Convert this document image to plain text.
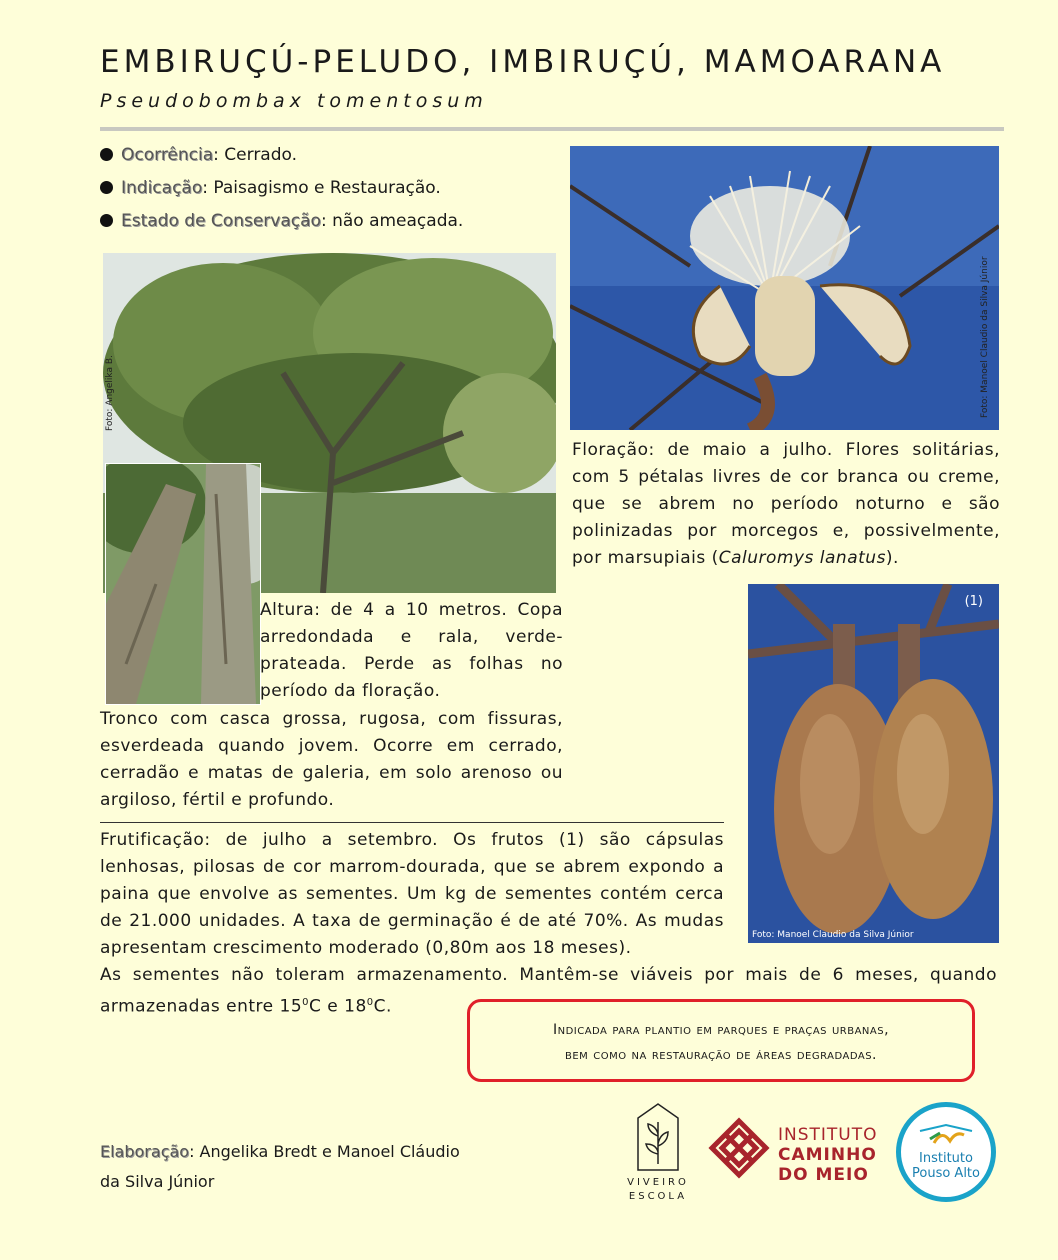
EMBIRUÇÚ-PELUDO, IMBIRUÇÚ, MAMOARANA
Pseudobombax tomentosum
Ocorrência: Cerrado.
Indicação: Paisagismo e Restauração.
Estado de Conservação: não ameaçada.
Foto: Angelika B.	Foto: Manoel Claudio da Silva Júnior
Floração: de maio a julho. Flores solitárias, com 5 pétalas livres de cor branca ou creme, que se abrem no período noturno e são polinizadas por morcegos e, possivelmente, por marsupiais (Caluromys lanatus).
Altura: de 4 a 10 metros. Copa arredondada e rala, verde-prateada. Perde as folhas no período da floração.
Tronco com casca grossa, rugosa, com fissuras, esverdeada quando jovem. Ocorre em cerrado, cerradão e matas de galeria, em solo arenoso ou argiloso, fértil e profundo.
(1)
Foto: Manoel Claudio da Silva Júnior
Frutificação: de julho a setembro. Os frutos (1) são cápsulas lenhosas, pilosas de cor marrom-dourada, que se abrem expondo a paina que envolve as sementes. Um kg de sementes contém cerca de 21.000 unidades. A taxa de germinação é de até 70%. As mudas apresentam crescimento moderado (0,80m aos 18 meses).
As sementes não toleram armazenamento. Mantêm-se viáveis por mais de 6 meses, quando armazenadas entre $15^0C$ e $18^0C$.
Indicada para plantio em parques e praças urbanas,
bem como na restauração de áreas degradadas.
Elaboração: Angelika Bredt e Manoel Cláudio
da Silva Júnior	VIVEIRO
ESCOLA
INSTITUTO
CAMINHO
DO MEIO
Instituto
Pouso Alto
